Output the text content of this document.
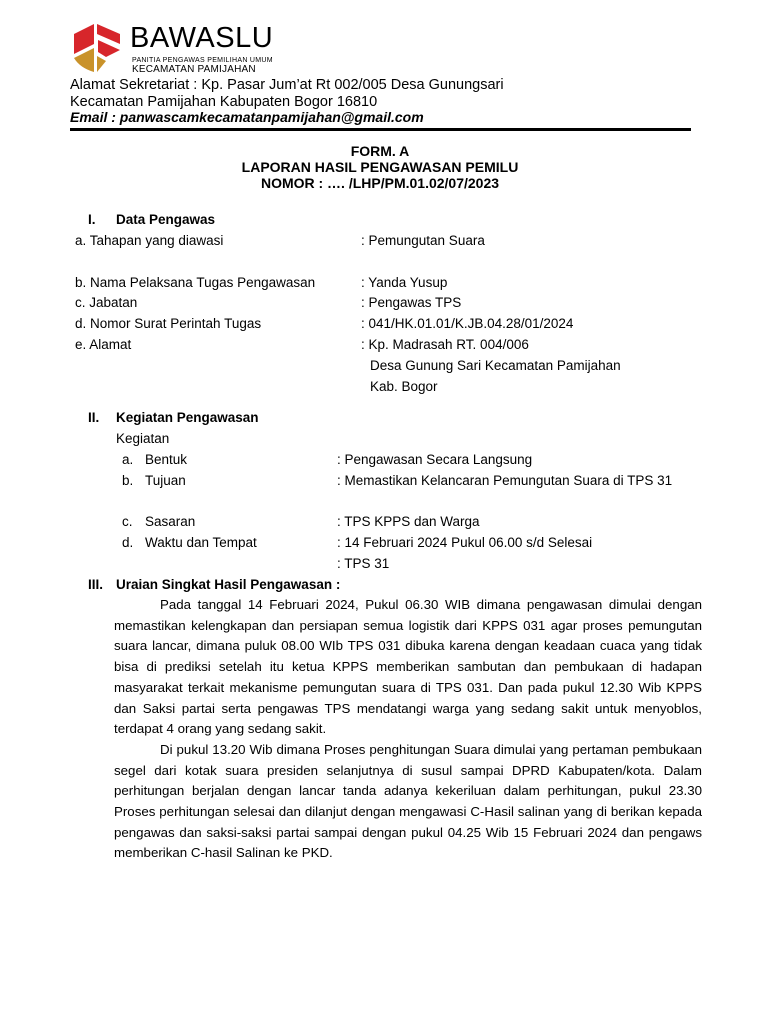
BAWASLU
PANITIA PENGAWAS PEMILIHAN UMUM
KECAMATAN PAMIJAHAN
Alamat Sekretariat : Kp. Pasar Jum’at Rt 002/005 Desa Gunungsari
Kecamatan Pamijahan Kabupaten Bogor 16810
Email : panwascamkecamatanpamijahan@gmail.com
FORM. A
LAPORAN HASIL PENGAWASAN PEMILU
NOMOR : …. /LHP/PM.01.02/07/2023
I. Data Pengawas
a. Tahapan yang diawasi	: Pemungutan Suara
b. Nama Pelaksana Tugas Pengawasan	: Yanda Yusup
c. Jabatan	: Pengawas TPS
d. Nomor Surat Perintah Tugas	: 041/HK.01.01/K.JB.04.28/01/2024
e. Alamat	: Kp. Madrasah RT. 004/006
Desa Gunung Sari Kecamatan Pamijahan
Kab. Bogor
II. Kegiatan Pengawasan
Kegiatan
a. Bentuk	: Pengawasan Secara Langsung
b. Tujuan	: Memastikan Kelancaran Pemungutan Suara di TPS 31
c. Sasaran	: TPS KPPS dan Warga
d. Waktu dan Tempat	: 14 Februari 2024 Pukul 06.00 s/d Selesai
: TPS 31
III. Uraian Singkat Hasil Pengawasan :

Pada tanggal 14 Februari 2024, Pukul 06.30 WIB dimana pengawasan dimulai dengan memastikan kelengkapan dan persiapan semua logistik dari KPPS 031 agar proses pemungutan suara lancar, dimana puluk 08.00 WIb TPS 031 dibuka karena dengan keadaan cuaca yang tidak bisa di prediksi setelah itu ketua KPPS memberikan sambutan dan pembukaan di hadapan masyarakat terkait mekanisme pemungutan suara di TPS 031. Dan pada pukul 12.30 Wib KPPS dan Saksi partai serta pengawas TPS mendatangi warga yang sedang sakit untuk menyoblos, terdapat 4 orang yang sedang sakit.

Di pukul 13.20 Wib dimana Proses penghitungan Suara dimulai yang pertaman pembukaan segel dari kotak suara presiden selanjutnya di susul sampai DPRD Kabupaten/kota. Dalam perhitungan berjalan dengan lancar tanda adanya kekeriluan dalam perhitungan, pukul 23.30 Proses perhitungan selesai dan dilanjut dengan mengawasi C-Hasil salinan yang di berikan kepada pengawas dan saksi-saksi partai sampai dengan pukul 04.25 Wib 15 Februari 2024 dan pengaws memberikan C-hasil Salinan ke PKD.
